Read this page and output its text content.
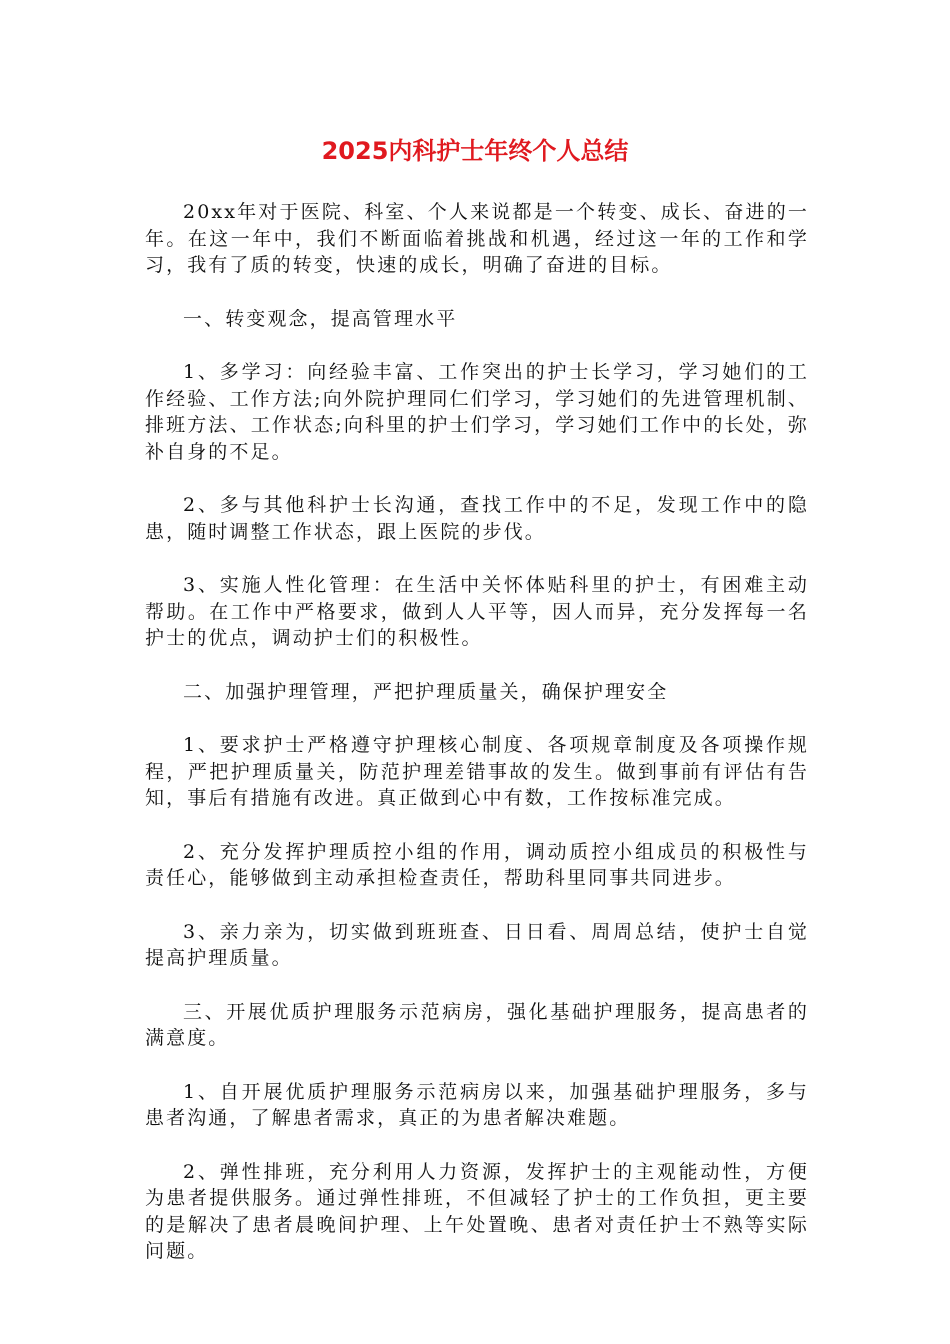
2025内科护士年终个人总结

20xx年对于医院、科室、个人来说都是一个转变、成长、奋进的一年。在这一年中，我们不断面临着挑战和机遇，经过这一年的工作和学习，我有了质的转变，快速的成长，明确了奋进的目标。

一、转变观念，提高管理水平

1、多学习：向经验丰富、工作突出的护士长学习，学习她们的工作经验、工作方法;向外院护理同仁们学习，学习她们的先进管理机制、排班方法、工作状态;向科里的护士们学习，学习她们工作中的长处，弥补自身的不足。

2、多与其他科护士长沟通，查找工作中的不足，发现工作中的隐患，随时调整工作状态，跟上医院的步伐。

3、实施人性化管理：在生活中关怀体贴科里的护士，有困难主动帮助。在工作中严格要求，做到人人平等，因人而异，充分发挥每一名护士的优点，调动护士们的积极性。

二、加强护理管理，严把护理质量关，确保护理安全

1、要求护士严格遵守护理核心制度、各项规章制度及各项操作规程，严把护理质量关，防范护理差错事故的发生。做到事前有评估有告知，事后有措施有改进。真正做到心中有数，工作按标准完成。

2、充分发挥护理质控小组的作用，调动质控小组成员的积极性与责任心，能够做到主动承担检查责任，帮助科里同事共同进步。

3、亲力亲为，切实做到班班查、日日看、周周总结，使护士自觉提高护理质量。

三、开展优质护理服务示范病房，强化基础护理服务，提高患者的满意度。

1、自开展优质护理服务示范病房以来，加强基础护理服务，多与患者沟通，了解患者需求，真正的为患者解决难题。

2、弹性排班，充分利用人力资源，发挥护士的主观能动性，方便为患者提供服务。通过弹性排班，不但减轻了护士的工作负担，更主要的是解决了患者晨晚间护理、上午处置晚、患者对责任护士不熟等实际问题。
